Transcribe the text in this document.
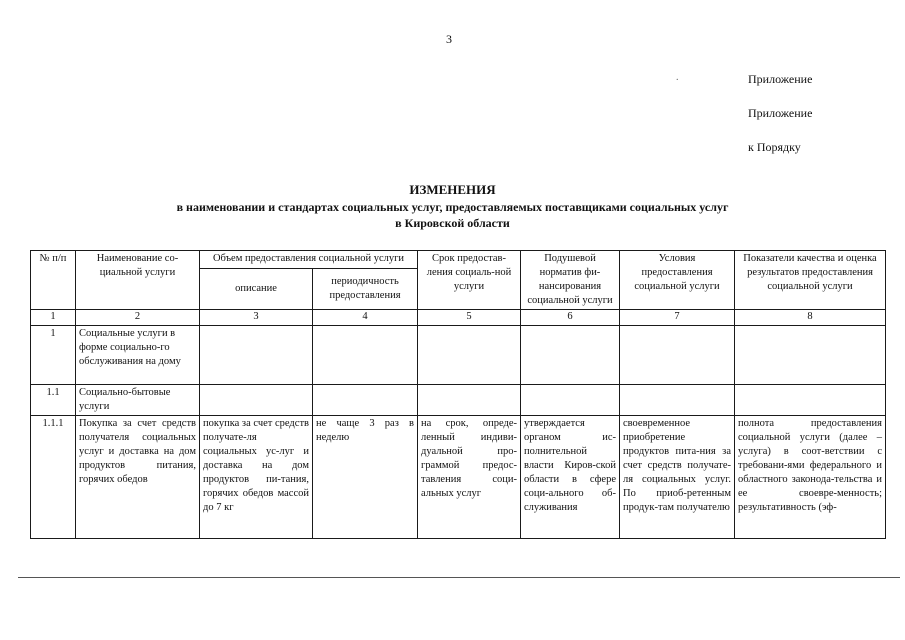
3
.	Приложение
Приложение
к Порядку
ИЗМЕНЕНИЯ
в наименовании и стандартах социальных услуг, предоставляемых поставщиками социальных услуг
в Кировской области
№ п/п	Наименование со-циальной услуги	Объем предоставления социальной услуги		Срок предостав-ления социаль-ной услуги	Подушевой норматив фи-нансирования социальной услуги	Условия предоставления социальной услуги	Показатели качества и оценка результатов предоставления социальной услуги
		описание	периодичность предоставления				
1	2	3	4	5	6	7	8
1	Социальные услуги в форме социально-го обслуживания на дому						
1.1	Социально-бытовые услуги						
1.1.1	Покупка за счет средств получателя социальных услуг и доставка на дом продуктов питания, горячих обедов	покупка за счет средств получате-ля социальных ус-луг и доставка на дом продуктов пи-тания, горячих обедов массой до 7 кг	не чаще 3 раз в неделю	на срок, опреде-ленный индиви-дуальной про-граммой предос-тавления соци-альных услуг	утверждается органом ис-полнительной власти Киров-ской области в сфере соци-ального об-служивания	своевременное приобретение продуктов пита-ния за счет средств получате-ля социальных услуг. По приоб-ретенным продук-там получателю	полнота предоставления социальной услуги (далее – услуга) в соот-ветствии с требовани-ями федерального и областного законода-тельства и ее своевре-менность; результативность (эф-
